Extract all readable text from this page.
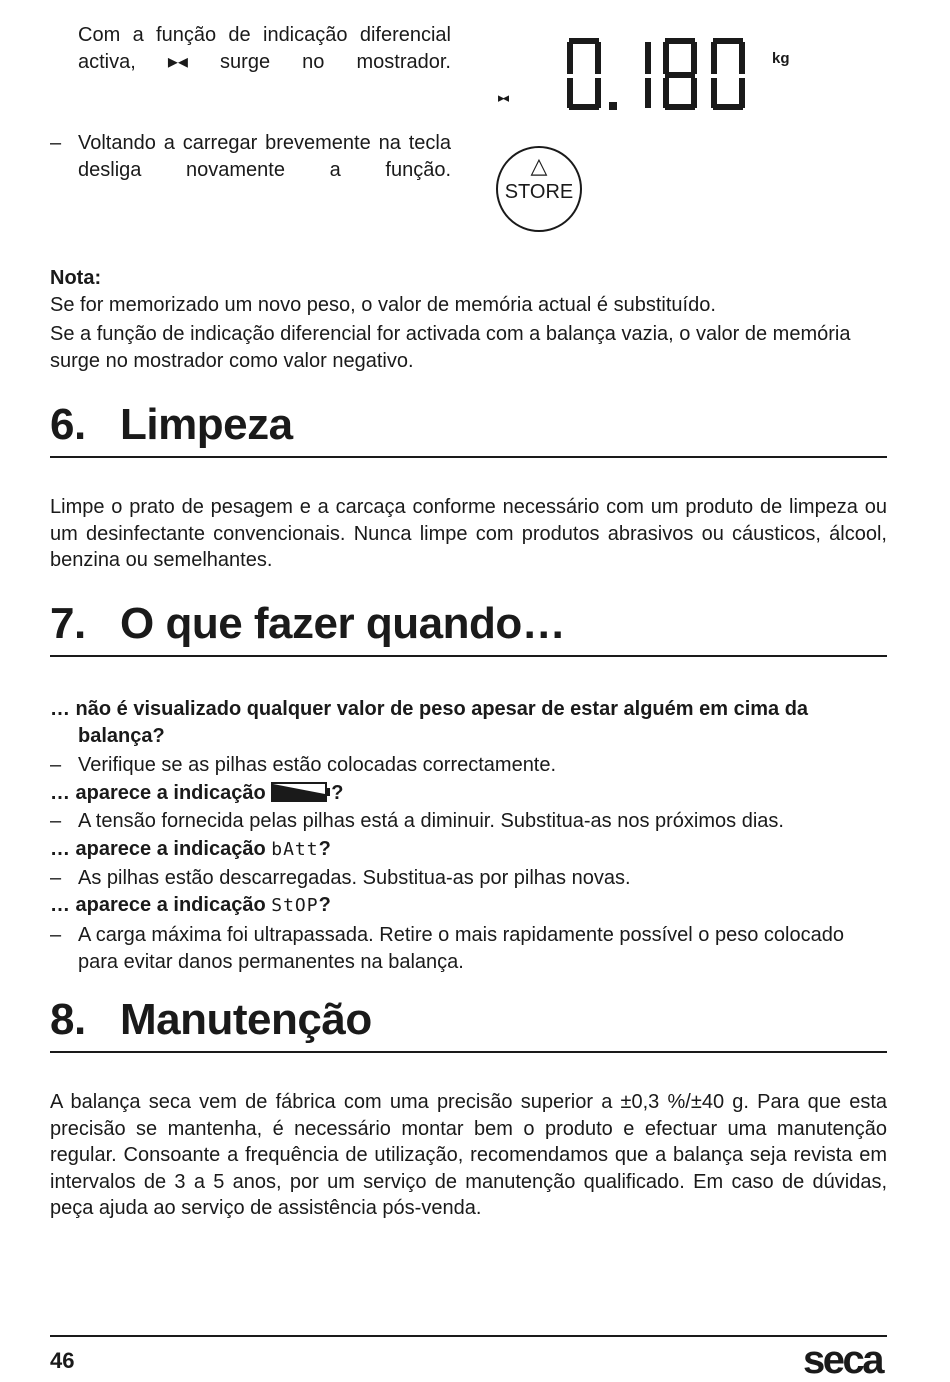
Com a função de indicação diferencial activa, ▸◂ surge no mostrador.

– Voltando a carregar brevemente na tecla desliga novamente a função.

▸◂
kg
△
STORE
Nota:
Se for memorizado um novo peso, o valor de memória actual é substituído.
Se a função de indicação diferencial for activada com a balança vazia, o valor de memória surge no mostrador como valor negativo.
6. Limpeza

Limpe o prato de pesagem e a carcaça conforme necessário com um produto de limpeza ou um desinfectante convencionais. Nunca limpe com produtos abrasivos ou cáusticos, álcool, benzina ou semelhantes.

7. O que fazer quando…
… não é visualizado qualquer valor de peso apesar de estar alguém em cima da
balança?
– Verifique se as pilhas estão colocadas correctamente.
… aparece a indicação	?
– A tensão fornecida pelas pilhas está a diminuir. Substitua-as nos próximos dias.
… aparece a indicação bAtt?
– As pilhas estão descarregadas. Substitua-as por pilhas novas.
… aparece a indicação StOP?
– A carga máxima foi ultrapassada. Retire o mais rapidamente possível o peso colocado para evitar danos permanentes na balança.
8. Manutenção

A balança seca vem de fábrica com uma precisão superior a ±0,3 %/±40 g. Para que esta precisão se mantenha, é necessário montar bem o produto e efectuar uma manutenção regular. Consoante a frequência de utilização, recomendamos que a balança seja revista em intervalos de 3 a 5 anos, por um serviço de manutenção qualificado. Em caso de dúvidas, peça ajuda ao serviço de assistência pós-venda.

46	seca
